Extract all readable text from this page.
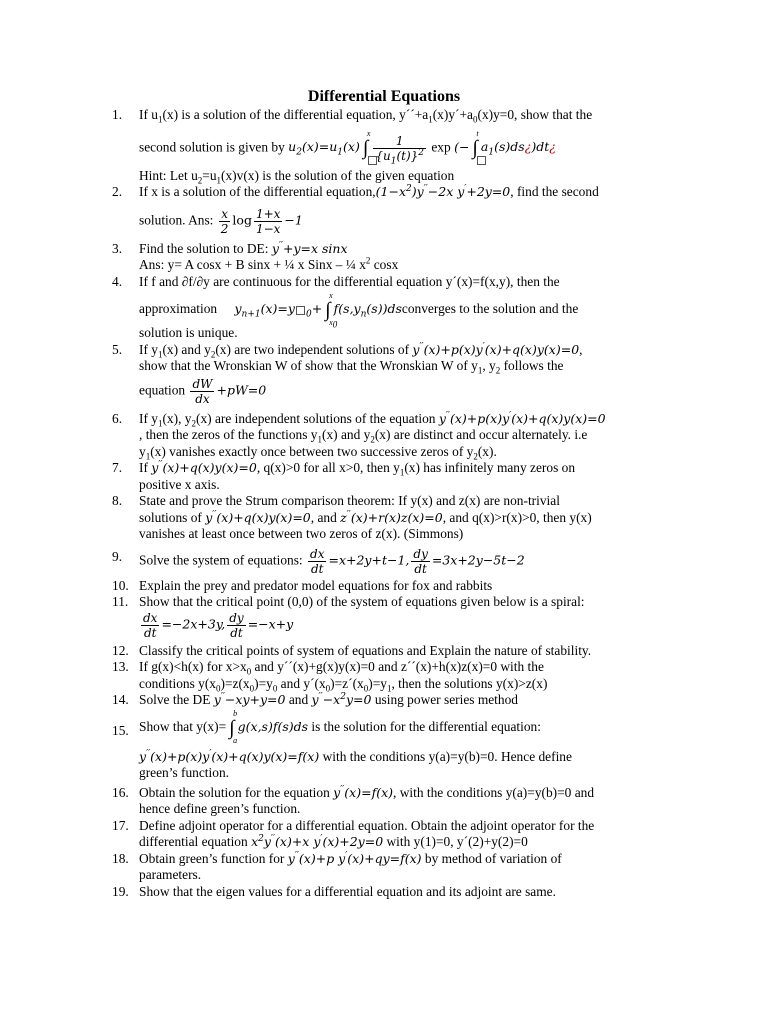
Differential Equations
1.	If $u_1(x)$ is a solution of the differential equation, $y´´+a_1(x)y´+a_0(x)y=0$, show that the
second solution is given by $u_2(x)=u_1(x)$ ∫
x $\frac{1}{\{u_1(t)\}^2}$ exp (− ∫
t
$a_1(s)ds¿)dt¿$
Hint: Let $u_2=u_1(x)v(x)$ is the solution of the given equation
2.	If x is a solution of the differential $equation,(1-x^2)y''-2x$ y′+2y=0, find the second
solution. Ans: $\frac{x}{2}$ $\log \frac{1+x}{1-x} -1$
3.	Find the solution to DE: y′′+y=x sinx
Ans: y= A cosx + B sinx + ¼ x Sinx – ¼ $x^2$ cosx
4.	If f and ∂f/∂y are continuous for the differential equation y´(x)=f(x,y), then the
approximation $y_{n+1}(x)=y$ $_0$+ ∫
x
$x_0$
$f(s,y_n(s))dsconverges$ to the solution and the
solution is unique.
5.	If $y_1(x)$ and $y_2(x)$ are two independent solutions of y′′(x)+p(x)y′(x)+q(x)y(x)=0,
show that the Wronskian W of show that the Wronskian W of $y_1$, $y_2$ follows the
equation $\frac{dW}{dx} +pW=0$
6.	If $y_1(x)$, $y_2(x)$ are independent solutions of the equation y′′(x)+p(x)y′(x)+q(x)y(x)=0
, then the zeros of the functions $y_1(x)$ and $y_2(x)$ are distinct and occur alternately. i.e
$y_1(x)$ vanishes exactly once between two successive zeros of $y_2(x)$.
7.	If y′′(x)+q(x)y(x)=0, q(x)>0 for all x>0, then $y_1(x)$ has infinitely many zeros on
positive x axis.
8.	State and prove the Strum comparison theorem: If y(x) and z(x) are non-trivial
solutions of y′′(x)+q(x)y(x)=0, and z′′(x)+r(x)z(x)=0, and q(x)>r(x)>0, then y(x)
vanishes at least once between two zeros of z(x). (Simmons)
9.	Solve the system of equations: $\frac{dx}{dt} =x+2y+t-1$, $\frac{dy}{dt} =3x+2y-5t-2$
10. Explain the prey and predator model equations for fox and rabbits
11. Show that the critical point (0,0) of the system of equations given below is a spiral:
$\frac{dx}{dt} =-2x+3y$, $\frac{dy}{dt} =-x+y$
12. Classify the critical points of system of equations and Explain the nature of stability.
13. If g(x)<h(x) for $x>x_0$ and y´´(x)+g(x)y(x)=0 and z´´(x)+h(x)z(x)=0 with the
conditions $y(x_0)=z(x_0)=y_0$ and $y´(x_0)=z´(x_0)=y_1$, then the solutions y(x)>z(x)
14. Solve the DE y′′−xy+y=0 and $y''-x^2y=0$ using power series method
15. Show that y(x)= ∫
b
a
g(x,s)f(s)ds is the solution for the differential equation:
y′′(x)+p(x)y′(x)+q(x)y(x)=f(x) with the conditions y(a)=y(b)=0. Hence define
green’s function.
16. Obtain the solution for the equation y′′(x)=f(x), with the conditions y(a)=y(b)=0 and
hence define green’s function.
17. Define adjoint operator for a differential equation. Obtain the adjoint operator for the
differential equation $x^2y''(x)+x$ y′(x)+2y=0 with y(1)=0, y´(2)+y(2)=0
18. Obtain green’s function for y′′(x)+p y′(x)+qy=f(x) by method of variation of
parameters.
19. Show that the eigen values for a differential equation and its adjoint are same.
